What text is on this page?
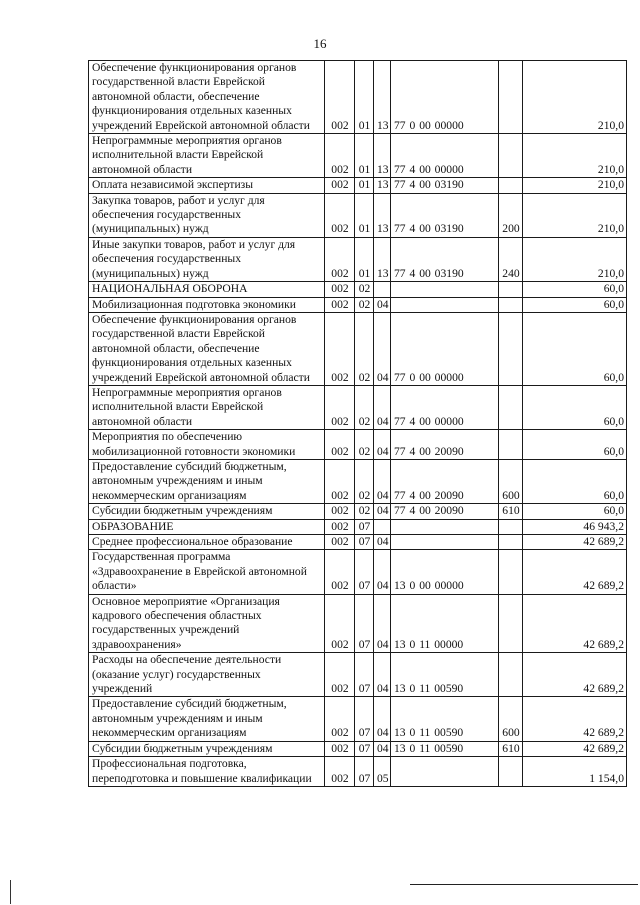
16
Обеспечение функционирования органов государственной власти Еврейской автономной области, обеспечение функционирования отдельных казенных учреждений Еврейской автономной области	002	01	13	77 0 00 00000		210,0
Непрограммные мероприятия органов исполнительной власти Еврейской автономной области	002	01	13	77 4 00 00000		210,0
Оплата независимой экспертизы	002	01	13	77 4 00 03190		210,0
Закупка товаров, работ и услуг для обеспечения государственных (муниципальных) нужд	002	01	13	77 4 00 03190	200	210,0
Иные закупки товаров, работ и услуг для обеспечения государственных (муниципальных) нужд	002	01	13	77 4 00 03190	240	210,0
НАЦИОНАЛЬНАЯ ОБОРОНА	002	02				60,0
Мобилизационная подготовка экономики	002	02	04			60,0
Обеспечение функционирования органов государственной власти Еврейской автономной области, обеспечение функционирования отдельных казенных учреждений Еврейской автономной области	002	02	04	77 0 00 00000		60,0
Непрограммные мероприятия органов исполнительной власти Еврейской автономной области	002	02	04	77 4 00 00000		60,0
Мероприятия по обеспечению мобилизационной готовности экономики	002	02	04	77 4 00 20090		60,0
Предоставление субсидий бюджетным, автономным учреждениям и иным некоммерческим организациям	002	02	04	77 4 00 20090	600	60,0
Субсидии бюджетным учреждениям	002	02	04	77 4 00 20090	610	60,0
ОБРАЗОВАНИЕ	002	07				46 943,2
Среднее профессиональное образование	002	07	04			42 689,2
Государственная программа «Здравоохранение в Еврейской автономной области»	002	07	04	13 0 00 00000		42 689,2
Основное мероприятие «Организация кадрового обеспечения областных государственных учреждений здравоохранения»	002	07	04	13 0 11 00000		42 689,2
Расходы на обеспечение деятельности (оказание услуг) государственных учреждений	002	07	04	13 0 11 00590		42 689,2
Предоставление субсидий бюджетным, автономным учреждениям и иным некоммерческим организациям	002	07	04	13 0 11 00590	600	42 689,2
Субсидии бюджетным учреждениям	002	07	04	13 0 11 00590	610	42 689,2
Профессиональная подготовка, переподготовка и повышение квалификации	002	07	05			1 154,0
